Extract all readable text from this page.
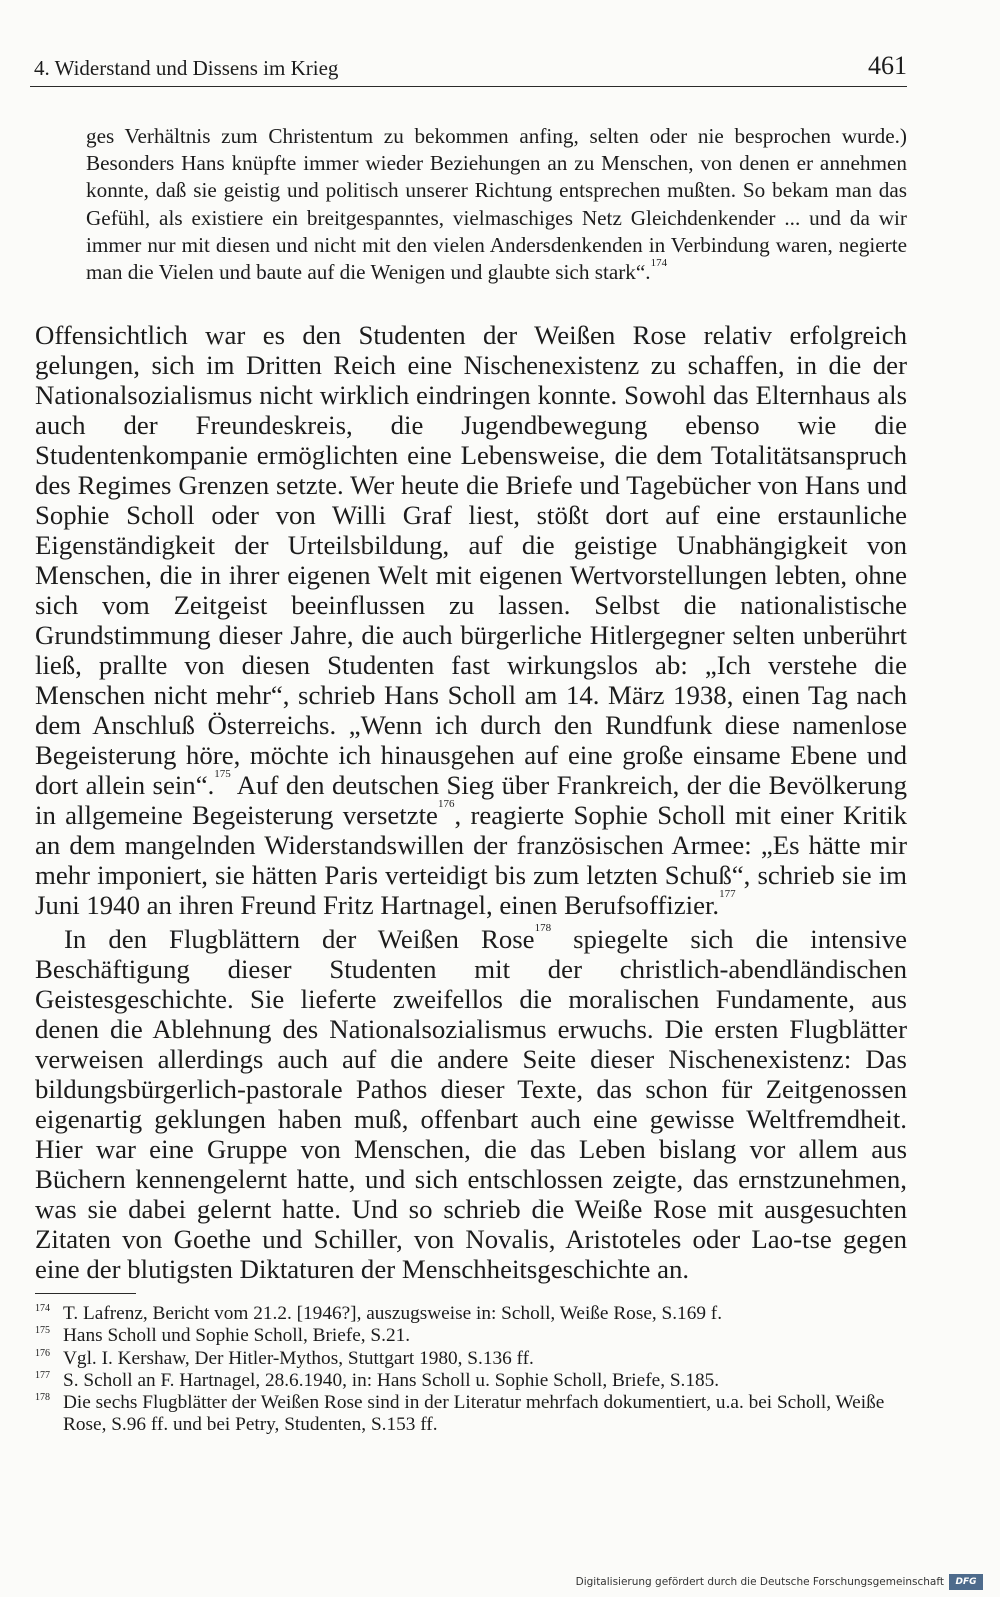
4. Widerstand und Dissens im Krieg	461

ges Verhältnis zum Christentum zu bekommen anfing, selten oder nie besprochen wurde.) Besonders Hans knüpfte immer wieder Beziehungen an zu Menschen, von denen er annehmen konnte, daß sie geistig und politisch unserer Richtung entsprechen mußten. So bekam man das Gefühl, als existiere ein breitgespanntes, vielmaschiges Netz Gleichdenkender ... und da wir immer nur mit diesen und nicht mit den vielen Andersdenkenden in Verbindung waren, negierte man die Vielen und baute auf die Wenigen und glaubte sich stark“.$^{174}$

Offensichtlich war es den Studenten der Weißen Rose relativ erfolgreich gelungen, sich im Dritten Reich eine Nischenexistenz zu schaffen, in die der Nationalsozialismus nicht wirklich eindringen konnte. Sowohl das Elternhaus als auch der Freundeskreis, die Jugendbewegung ebenso wie die Studentenkompanie ermöglichten eine Lebensweise, die dem Totalitätsanspruch des Regimes Grenzen setzte. Wer heute die Briefe und Tagebücher von Hans und Sophie Scholl oder von Willi Graf liest, stößt dort auf eine erstaunliche Eigenständigkeit der Urteilsbildung, auf die geistige Unabhängigkeit von Menschen, die in ihrer eigenen Welt mit eigenen Wertvorstellungen lebten, ohne sich vom Zeitgeist beeinflussen zu lassen. Selbst die nationalistische Grundstimmung dieser Jahre, die auch bürgerliche Hitlergegner selten unberührt ließ, prallte von diesen Studenten fast wirkungslos ab: „Ich verstehe die Menschen nicht mehr“, schrieb Hans Scholl am 14. März 1938, einen Tag nach dem Anschluß Österreichs. „Wenn ich durch den Rundfunk diese namenlose Begeisterung höre, möchte ich hinausgehen auf eine große einsame Ebene und dort allein sein“.$^{175}$ Auf den deutschen Sieg über Frankreich, der die Bevölkerung in allgemeine Begeisterung versetzte$^{176}$, reagierte Sophie Scholl mit einer Kritik an dem mangelnden Widerstandswillen der französischen Armee: „Es hätte mir mehr imponiert, sie hätten Paris verteidigt bis zum letzten Schuß“, schrieb sie im Juni 1940 an ihren Freund Fritz Hartnagel, einen Berufsoffizier.$^{177}$

In den Flugblättern der Weißen Rose$^{178}$ spiegelte sich die intensive Beschäftigung dieser Studenten mit der christlich-abendländischen Geistesgeschichte. Sie lieferte zweifellos die moralischen Fundamente, aus denen die Ablehnung des Nationalsozialismus erwuchs. Die ersten Flugblätter verweisen allerdings auch auf die andere Seite dieser Nischenexistenz: Das bildungsbürgerlich-pastorale Pathos dieser Texte, das schon für Zeitgenossen eigenartig geklungen haben muß, offenbart auch eine gewisse Weltfremdheit. Hier war eine Gruppe von Menschen, die das Leben bislang vor allem aus Büchern kennengelernt hatte, und sich entschlossen zeigte, das ernstzunehmen, was sie dabei gelernt hatte. Und so schrieb die Weiße Rose mit ausgesuchten Zitaten von Goethe und Schiller, von Novalis, Aristoteles oder Lao-tse gegen eine der blutigsten Diktaturen der Menschheitsgeschichte an.

174 T. Lafrenz, Bericht vom 21.2. [1946?], auszugsweise in: Scholl, Weiße Rose, S.169 f.
175 Hans Scholl und Sophie Scholl, Briefe, S.21.
176 Vgl. I. Kershaw, Der Hitler-Mythos, Stuttgart 1980, S.136 ff.
177 S. Scholl an F. Hartnagel, 28.6.1940, in: Hans Scholl u. Sophie Scholl, Briefe, S.185.
178 Die sechs Flugblätter der Weißen Rose sind in der Literatur mehrfach dokumentiert, u.a. bei Scholl, Weiße Rose, S.96 ff. und bei Petry, Studenten, S.153 ff.
Digitalisierung gefördert durch die Deutsche Forschungsgemeinschaft	DFG
